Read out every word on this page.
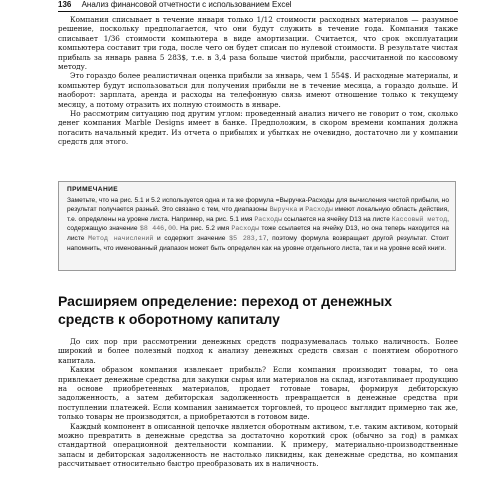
136 Анализ финансовой отчетности с использованием Excel

Компания списывает в течение января только 1/12 стоимости расходных материалов — разумное решение, поскольку предполагается, что они будут служить в течение года. Компания также списывает 1/36 стоимости компьютера в виде амортизации. Считается, что срок эксплуатации компьютера составит три года, после чего он будет списан по нулевой стоимости. В результате чистая прибыль за январь равна 5 283$, т.е. в 3,4 раза больше чистой прибыли, рассчитанной по кассовому методу.

Это гораздо более реалистичная оценка прибыли за январь, чем 1 554$. И расходные материалы, и компьютер будут использоваться для получения прибыли не в течение месяца, а гораздо дольше. И наоборот: зарплата, аренда и расходы на телефонную связь имеют отношение только к текущему месяцу, а потому отразить их полную стоимость в январе.

Но рассмотрим ситуацию под другим углом: проведенный анализ ничего не говорит о том, сколько денег компания Marble Designs имеет в банке. Предположим, в скором времени компания должна погасить начальный кредит. Из отчета о прибылях и убытках не очевидно, достаточно ли у компании средств для этого.

ПРИМЕЧАНИЕ

Заметьте, что на рис. 5.1 и 5.2 используется одна и та же формула =Выручка-Расходы для вычисления чистой прибыли, но результат получается разный. Это связано с тем, что диапазоны Выручка и Расходы имеют локальную область действия, т.е. определены на уровне листа. Например, на рис. 5.1 имя Расходы ссылается на ячейку D13 на листе Кассовый метод, содержащую значение $8 446,00. На рис. 5.2 имя Расходы тоже ссылается на ячейку D13, но она теперь находится на листе Метод начислений и содержит значение $5 283,17, поэтому формула возвращает другой результат. Стоит напомнить, что именованный диапазон может быть определен как на уровне отдельного листа, так и на уровне всей книги.

Расширяем определение: переход от денежных
средств к оборотному капиталу

До сих пор при рассмотрении денежных средств подразумевалась только наличность. Более широкий и более полезный подход к анализу денежных средств связан с понятием оборотного капитала.

Каким образом компания извлекает прибыль? Если компания производит товары, то она привлекает денежные средства для закупки сырья или материалов на склад, изготавливает продукцию на основе приобретенных материалов, продает готовые товары, формируя дебиторскую задолженность, а затем дебиторская задолженность превращается в денежные средства при поступлении платежей. Если компания занимается торговлей, то процесс выглядит примерно так же, только товары не производятся, а приобретаются в готовом виде.

Каждый компонент в описанной цепочке является оборотным активом, т.е. таким активом, который можно превратить в денежные средства за достаточно короткий срок (обычно за год) в рамках стандартной операционной деятельности компании. К примеру, материально-производственные запасы и дебиторская задолженность не настолько ликвидны, как денежные средства, но компания рассчитывает относительно быстро преобразовать их в наличность.
